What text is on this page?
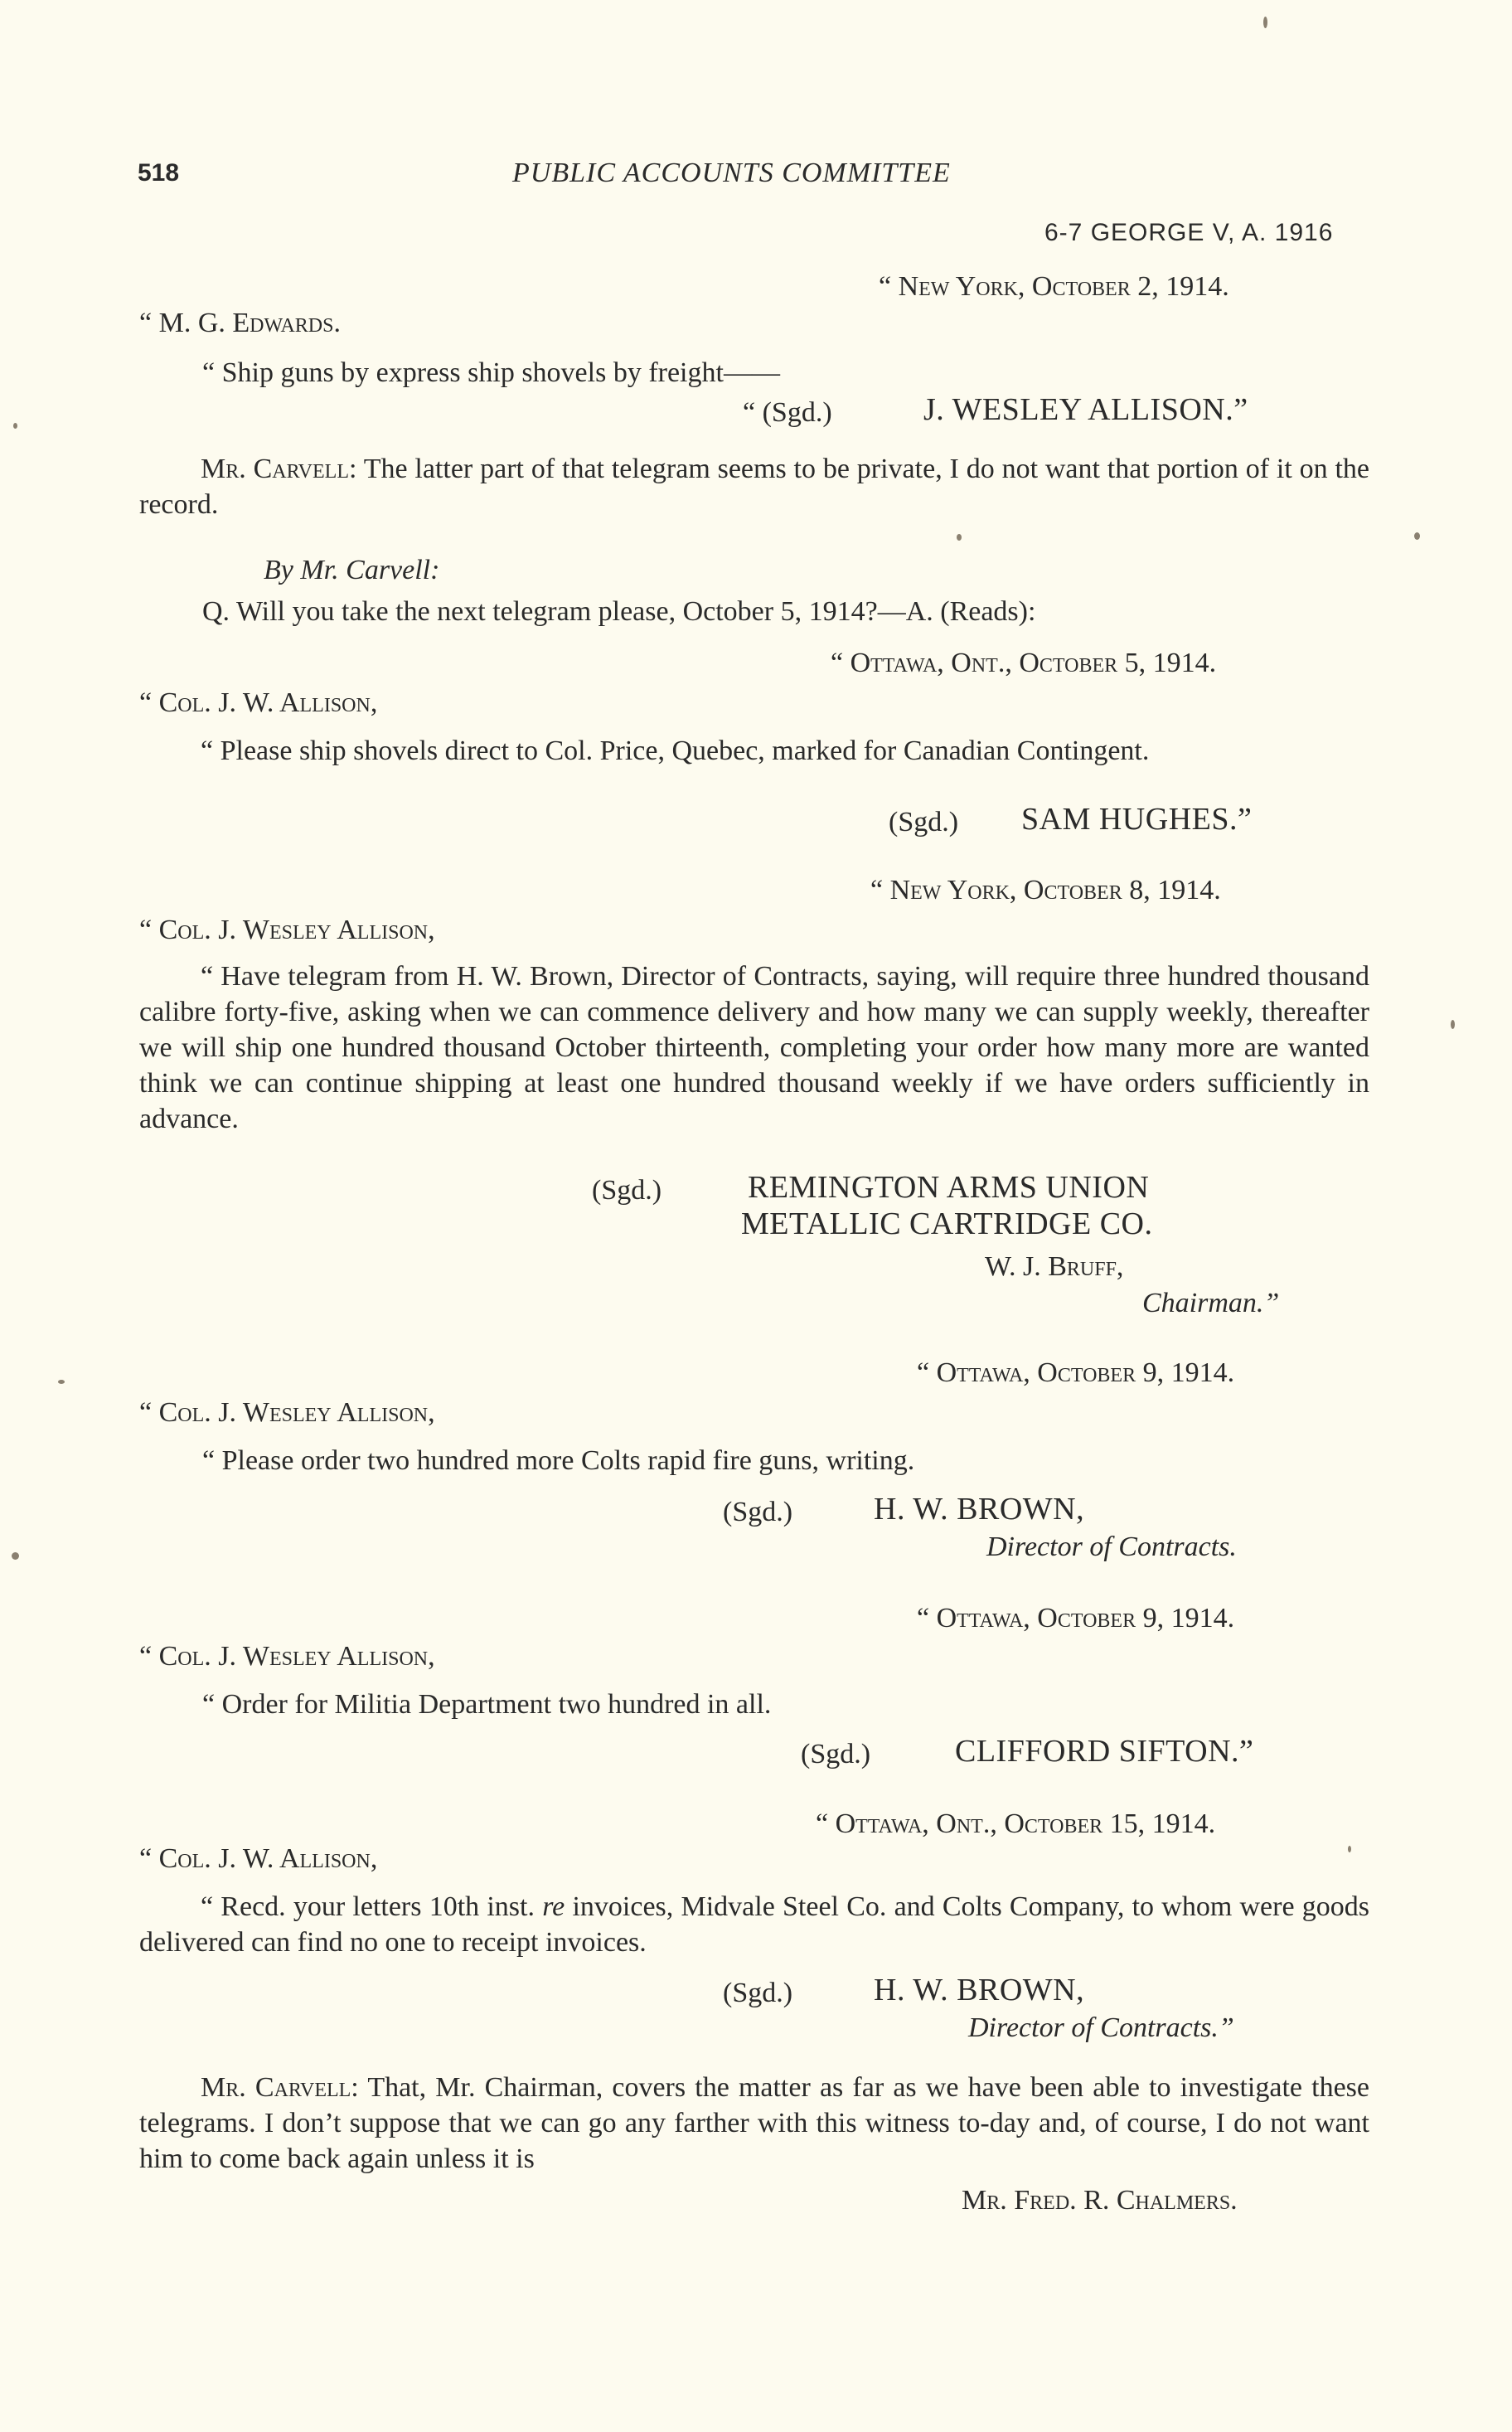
518	PUBLIC ACCOUNTS COMMITTEE
6-7 GEORGE V, A. 1916
“ New York, October 2, 1914.
“ M. G. Edwards.
“ Ship guns by express ship shovels by freight——
“ (Sgd.)	J. WESLEY ALLISON.”
Mr. Carvell: The latter part of that telegram seems to be private, I do not want that portion of it on the record.
By Mr. Carvell:
Q. Will you take the next telegram please, October 5, 1914?—A. (Reads):
“ Ottawa, Ont., October 5, 1914.
“ Col. J. W. Allison,
“ Please ship shovels direct to Col. Price, Quebec, marked for Canadian Contingent.
(Sgd.) SAM HUGHES.”
“ New York, October 8, 1914.
“ Col. J. Wesley Allison,
“ Have telegram from H. W. Brown, Director of Contracts, saying, will require three hundred thousand calibre forty-five, asking when we can commence delivery and how many we can supply weekly, thereafter we will ship one hundred thousand October thirteenth, completing your order how many more are wanted think we can continue shipping at least one hundred thousand weekly if we have orders sufficiently in advance.
(Sgd.)	REMINGTON ARMS UNION
METALLIC CARTRIDGE CO.
W. J. Bruff,
Chairman.”
“ Ottawa, October 9, 1914.
“ Col. J. Wesley Allison,
“ Please order two hundred more Colts rapid fire guns, writing.
(Sgd.)	H. W. BROWN,
Director of Contracts.
“ Ottawa, October 9, 1914.
“ Col. J. Wesley Allison,
“ Order for Militia Department two hundred in all.
(Sgd.)	CLIFFORD SIFTON.”
“ Ottawa, Ont., October 15, 1914.
“ Col. J. W. Allison,
“ Recd. your letters 10th inst. re invoices, Midvale Steel Co. and Colts Company, to whom were goods delivered can find no one to receipt invoices.
(Sgd.)	H. W. BROWN,
Director of Contracts.”
Mr. Carvell: That, Mr. Chairman, covers the matter as far as we have been able to investigate these telegrams. I don’t suppose that we can go any farther with this witness to-day and, of course, I do not want him to come back again unless it is
Mr. Fred. R. Chalmers.
